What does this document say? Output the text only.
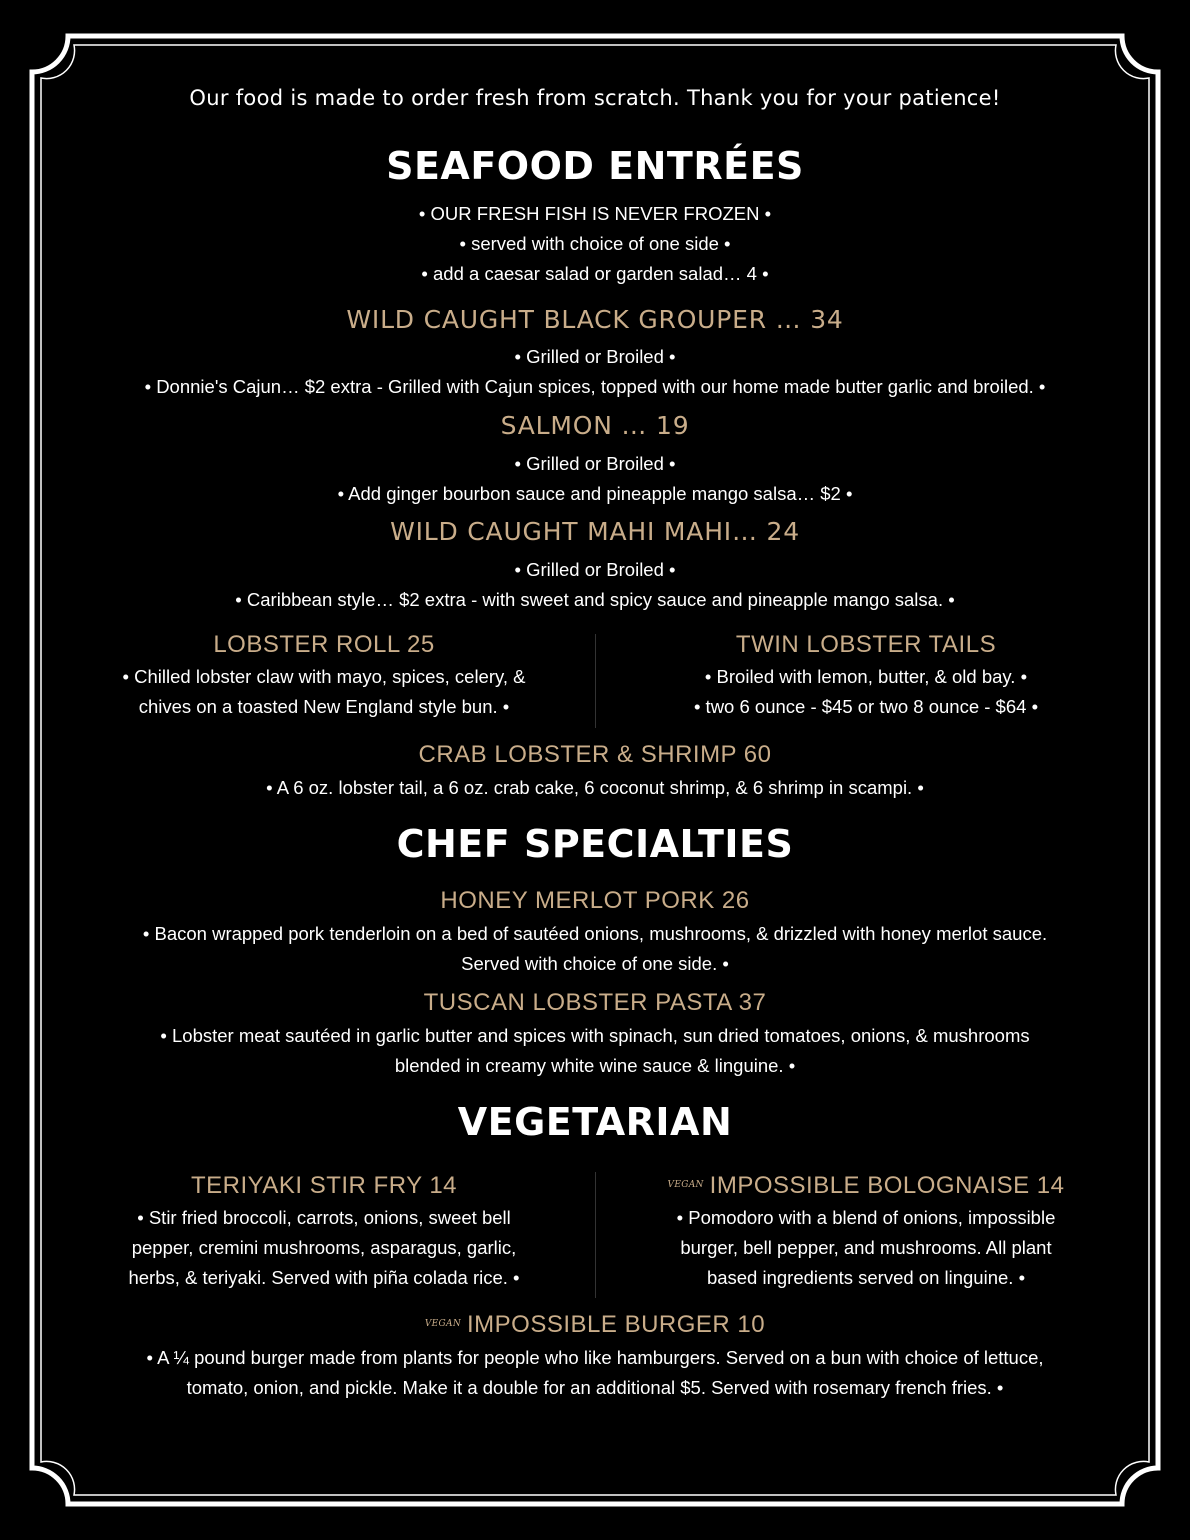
Our food is made to order fresh from scratch. Thank you for your patience!
SEAFOOD ENTRÉES
• OUR FRESH FISH IS NEVER FROZEN •
• served with choice of one side •
• add a caesar salad or garden salad… 4 •
WILD CAUGHT BLACK GROUPER … 34
• Grilled or Broiled •
• Donnie's Cajun… $2 extra - Grilled with Cajun spices, topped with our home made butter garlic and broiled. •
SALMON … 19
• Grilled or Broiled •
• Add ginger bourbon sauce and pineapple mango salsa… $2 •
WILD CAUGHT MAHI MAHI… 24
• Grilled or Broiled •
• Caribbean style… $2 extra - with sweet and spicy sauce and pineapple mango salsa. •
LOBSTER ROLL 25
• Chilled lobster claw with mayo, spices, celery, &
chives on a toasted New England style bun. •
TWIN LOBSTER TAILS
• Broiled with lemon, butter, & old bay. •
• two 6 ounce - $45 or two 8 ounce - $64 •
CRAB LOBSTER & SHRIMP 60
• A 6 oz. lobster tail, a 6 oz. crab cake, 6 coconut shrimp, & 6 shrimp in scampi. •
CHEF SPECIALTIES
HONEY MERLOT PORK 26
• Bacon wrapped pork tenderloin on a bed of sautéed onions, mushrooms, & drizzled with honey merlot sauce.
Served with choice of one side. •
TUSCAN LOBSTER PASTA 37
• Lobster meat sautéed in garlic butter and spices with spinach, sun dried tomatoes, onions, & mushrooms
blended in creamy white wine sauce & linguine. •
VEGETARIAN
TERIYAKI STIR FRY 14
• Stir fried broccoli, carrots, onions, sweet bell
pepper, cremini mushrooms, asparagus, garlic,
herbs, & teriyaki. Served with piña colada rice. •
$^{VEGAN}$ IMPOSSIBLE BOLOGNAISE 14
• Pomodoro with a blend of onions, impossible
burger, bell pepper, and mushrooms. All plant
based ingredients served on linguine. •
$^{VEGAN}$ IMPOSSIBLE BURGER 10
• A ¼ pound burger made from plants for people who like hamburgers. Served on a bun with choice of lettuce,
tomato, onion, and pickle. Make it a double for an additional $5. Served with rosemary french fries. •
